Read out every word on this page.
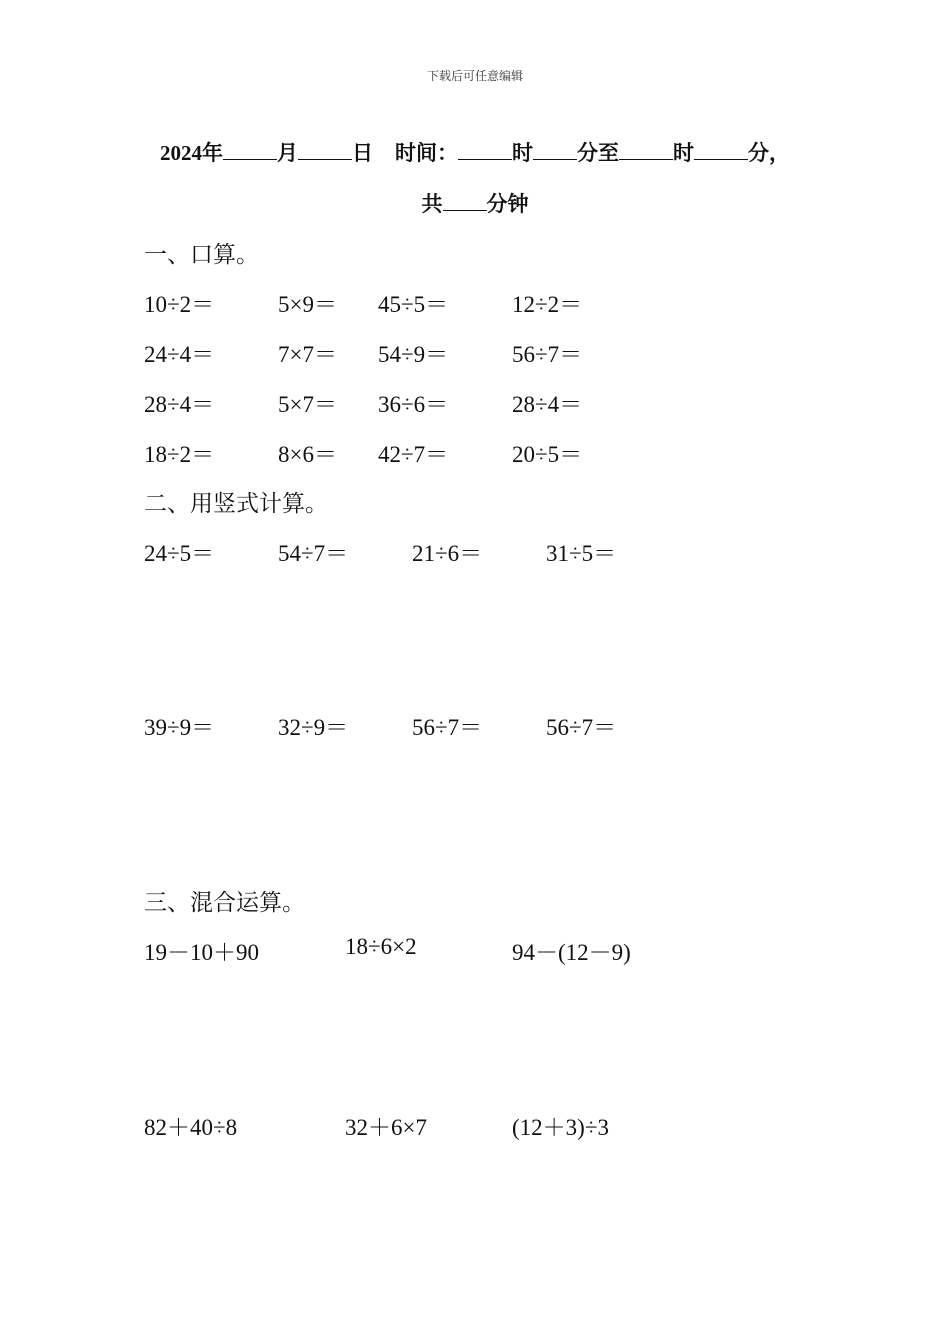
下载后可任意编辑
2024年	月	日 时间：	时 分至	时	分，
共 分钟
一、口算。
二、用竖式计算。
三、混合运算。
10÷2＝	5×9＝ 45÷5＝	12÷2＝
24÷4＝	7×7＝ 54÷9＝	56÷7＝
28÷4＝	5×7＝ 36÷6＝	28÷4＝
18÷2＝	8×6＝ 42÷7＝	20÷5＝
24÷5＝	54÷7＝	21÷6＝	31÷5＝
39÷9＝	32÷9＝	56÷7＝	56÷7＝
19－10＋90	18÷6×2	94－(12－9)
82＋40÷8	32＋6×7	(12＋3)÷3
